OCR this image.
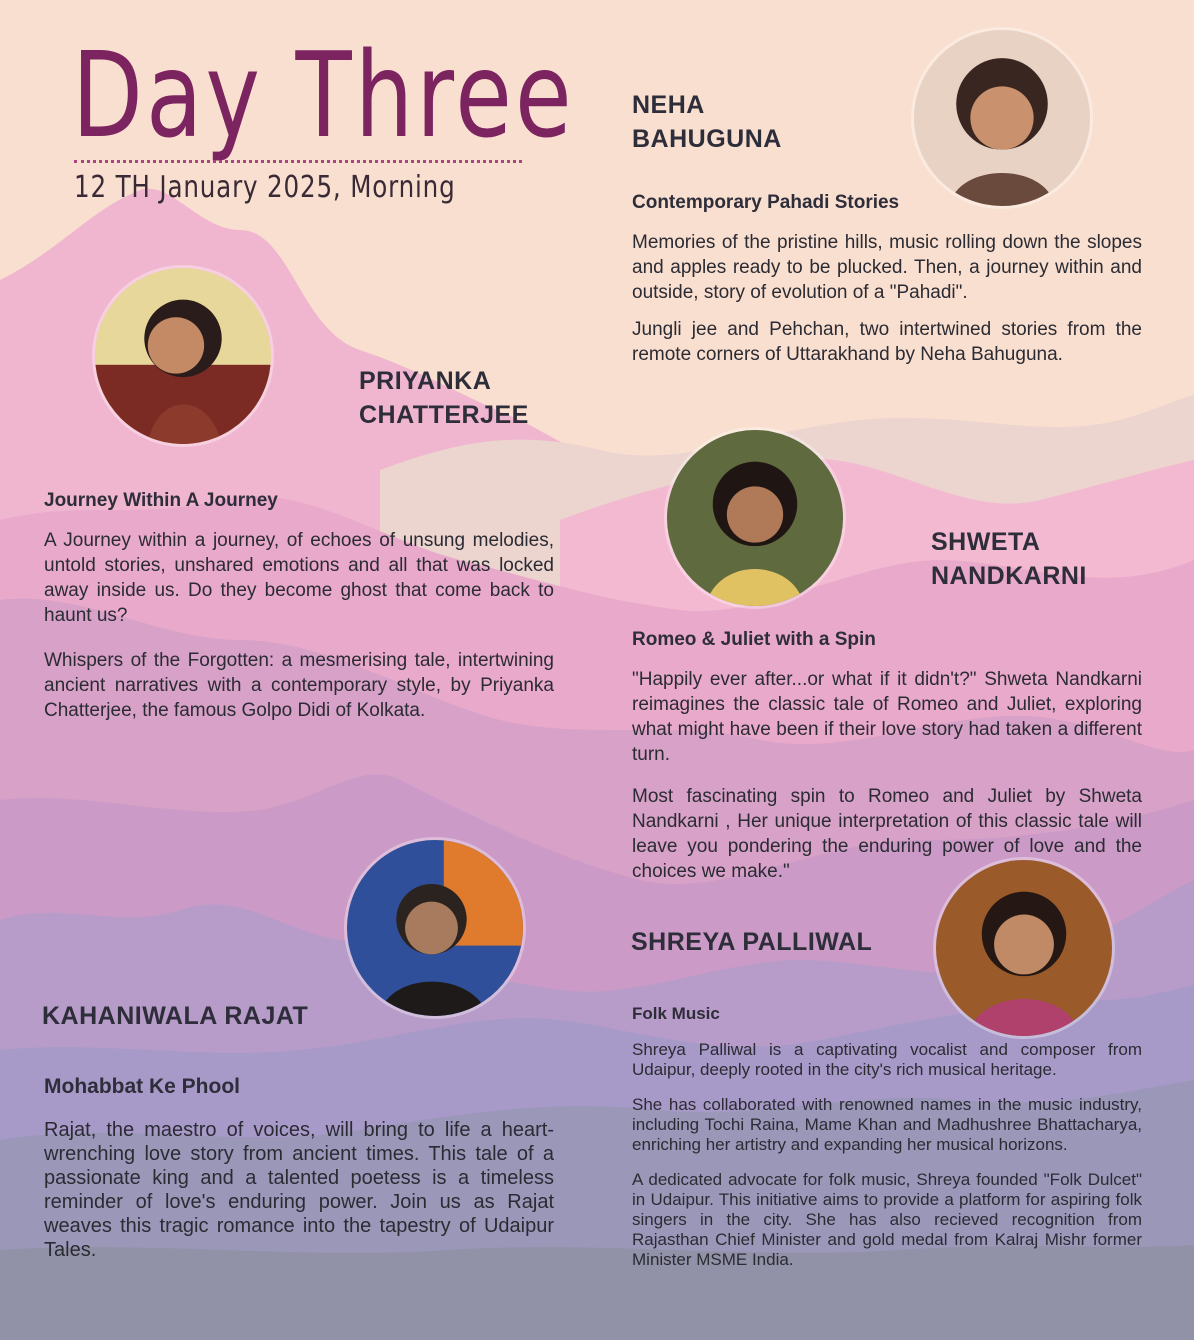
Day Three
12 TH January 2025, Morning
PRIYANKA
CHATTERJEE
Journey Within A Journey

A Journey within a journey, of echoes of unsung melodies, untold stories, unshared emotions and all that was locked away inside us. Do they become ghost that come back to haunt us?

Whispers of the Forgotten: a mesmerising tale, intertwining ancient narratives with a contemporary style, by Priyanka Chatterjee, the famous Golpo Didi of Kolkata.

NEHA
BAHUGUNA
Contemporary Pahadi Stories

Memories of the pristine hills, music rolling down the slopes and apples ready to be plucked. Then, a journey within and outside, story of evolution of a "Pahadi".

Jungli jee and Pehchan, two intertwined stories from the remote corners of Uttarakhand by Neha Bahuguna.

SHWETA
NANDKARNI
Romeo & Juliet with a Spin

"Happily ever after...or what if it didn't?" Shweta Nandkarni reimagines the classic tale of Romeo and Juliet, exploring what might have been if their love story had taken a different turn.

Most fascinating spin to Romeo and Juliet by Shweta Nandkarni , Her unique interpretation of this classic tale will leave you pondering the enduring power of love and the choices we make."

KAHANIWALA RAJAT
Mohabbat Ke Phool

Rajat, the maestro of voices, will bring to life a heart-wrenching love story from ancient times. This tale of a passionate king and a talented poetess is a timeless reminder of love's enduring power. Join us as Rajat weaves this tragic romance into the tapestry of Udaipur Tales.

SHREYA PALLIWAL
Folk Music

Shreya Palliwal is a captivating vocalist and composer from Udaipur, deeply rooted in the city's rich musical heritage.

She has collaborated with renowned names in the music industry, including Tochi Raina, Mame Khan and Madhushree Bhattacharya, enriching her artistry and expanding her musical horizons.

A dedicated advocate for folk music, Shreya founded "Folk Dulcet" in Udaipur. This initiative aims to provide a platform for aspiring folk singers in the city. She has also recieved recognition from Rajasthan Chief Minister and gold medal from Kalraj Mishr former Minister MSME India.
